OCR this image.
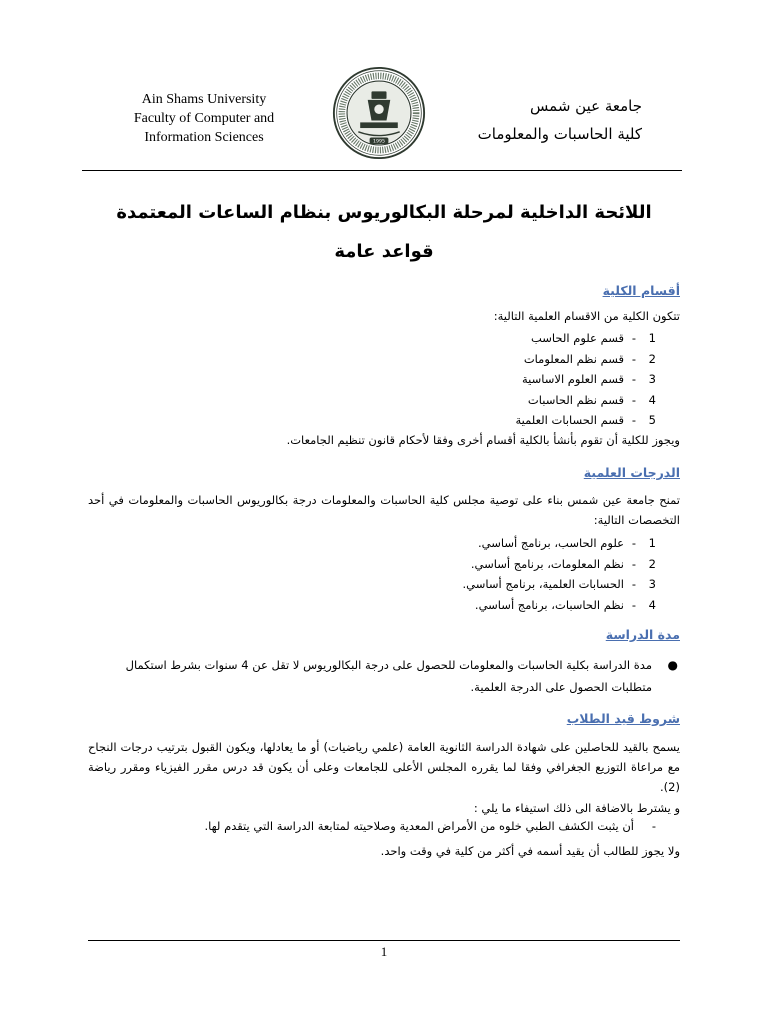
Ain Shams University
Faculty of Computer and
Information Sciences	1995
جامعة عين شمس
كلية الحاسبات والمعلومات
اللائحة الداخلية لمرحلة البكالوريوس بنظام الساعات المعتمدة
قواعد عامة
أقسام الكلية
تتكون الكلية من الاقسام العلمية التالية:
1-قسم علوم الحاسب
2-قسم نظم المعلومات
3-قسم العلوم الاساسية
4-قسم نظم الحاسبات
5-قسم الحسابات العلمية
ويجوز للكلية أن تقوم بأنشأ بالكلية أقسام أخرى وفقا لأحكام قانون تنظيم الجامعات.
الدرجات العلمية
تمنح جامعة عين شمس بناء على توصية مجلس كلية الحاسبات والمعلومات درجة بكالوريوس الحاسبات والمعلومات في أحد التخصصات التالية:
1-علوم الحاسب، برنامج أساسي.
2-نظم المعلومات، برنامج أساسي.
3-الحسابات العلمية، برنامج أساسي.
4-نظم الحاسبات، برنامج أساسي.
مدة الدراسة
●
مدة الدراسة بكلية الحاسبات والمعلومات للحصول على درجة البكالوريوس لا تقل عن 4 سنوات بشرط استكمال متطلبات الحصول على الدرجة العلمية.
شروط قيد الطلاب
يسمح بالقيد للحاصلين على شهادة الدراسة الثانوية العامة (علمي رياضيات) أو ما يعادلها، ويكون القبول بترتيب درجات النجاح مع مراعاة التوزيع الجغرافي وفقا لما يقرره المجلس الأعلى للجامعات وعلى أن يكون قد درس مقرر الفيزياء ومقرر رياضة (2).
و يشترط بالاضافة الى ذلك استيفاء ما يلي :
-أن يثبت الكشف الطبي خلوه من الأمراض المعدية وصلاحيته لمتابعة الدراسة التي يتقدم لها.
ولا يجوز للطالب أن يقيد أسمه في أكثر من كلية في وقت واحد.
1
